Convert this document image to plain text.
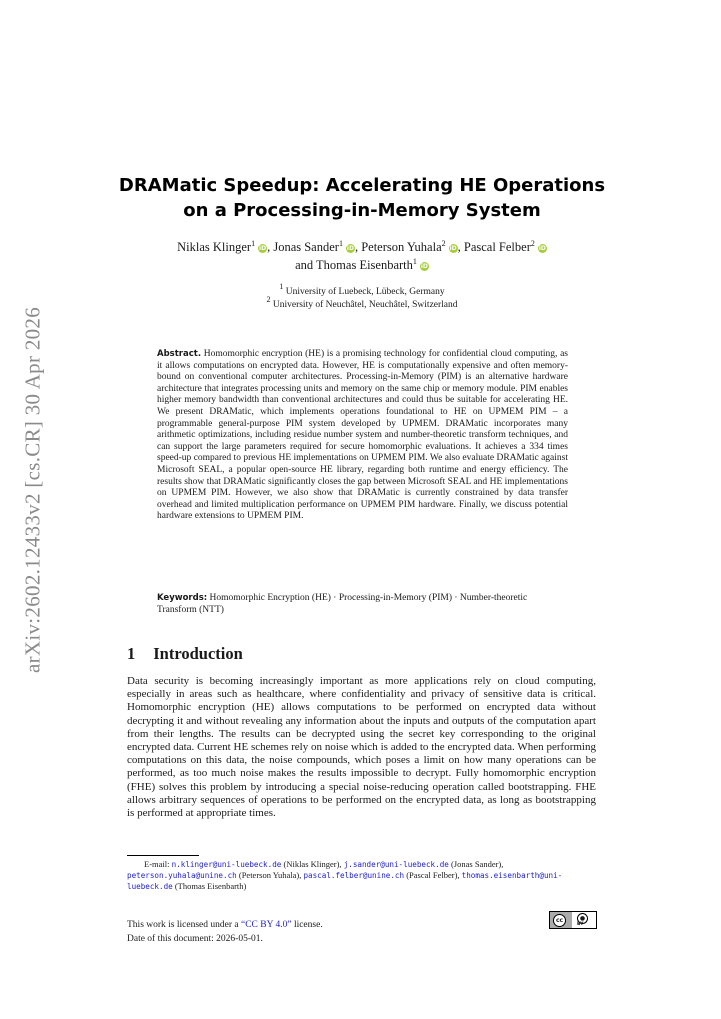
arXiv:2602.12433v2 [cs.CR] 30 Apr 2026
DRAMatic Speedup: Accelerating HE Operations
on a Processing-in-Memory System
Niklas Klinger$^1$iD, Jonas Sander$^1$iD, Peterson Yuhala$^2$iD, Pascal Felber$^2$iD
and Thomas Eisenbarth$^1$iD
$^1$ University of Luebeck, Lübeck, Germany
$^2$ University of Neuchâtel, Neuchâtel, Switzerland
Abstract. Homomorphic encryption (HE) is a promising technology for confidential cloud computing, as it allows computations on encrypted data. However, HE is computationally expensive and often memory-bound on conventional computer architectures. Processing-in-Memory (PIM) is an alternative hardware architecture that integrates processing units and memory on the same chip or memory module. PIM enables higher memory bandwidth than conventional architectures and could thus be suitable for accelerating HE. We present DRAMatic, which implements operations foundational to HE on UPMEM PIM – a programmable general-purpose PIM system developed by UPMEM. DRAMatic incorporates many arithmetic optimizations, including residue number system and number-theoretic transform techniques, and can support the large parameters required for secure homomorphic evaluations. It achieves a 334 times speed-up compared to previous HE implementations on UPMEM PIM. We also evaluate DRAMatic against Microsoft SEAL, a popular open-source HE library, regarding both runtime and energy efficiency. The results show that DRAMatic significantly closes the gap between Microsoft SEAL and HE implementations on UPMEM PIM. However, we also show that DRAMatic is currently constrained by data transfer overhead and limited multiplication performance on UPMEM PIM hardware. Finally, we discuss potential hardware extensions to UPMEM PIM.
Keywords: Homomorphic Encryption (HE) · Processing-in-Memory (PIM) · Number-theoretic Transform (NTT)
1 Introduction
Data security is becoming increasingly important as more applications rely on cloud computing, especially in areas such as healthcare, where confidentiality and privacy of sensitive data is critical. Homomorphic encryption (HE) allows computations to be performed on encrypted data without decrypting it and without revealing any information about the inputs and outputs of the computation apart from their lengths. The results can be decrypted using the secret key corresponding to the original encrypted data. Current HE schemes rely on noise which is added to the encrypted data. When performing computations on this data, the noise compounds, which poses a limit on how many operations can be performed, as too much noise makes the results impossible to decrypt. Fully homomorphic encryption (FHE) solves this problem by introducing a special noise-reducing operation called bootstrapping. FHE allows arbitrary sequences of operations to be performed on the encrypted data, as long as bootstrapping is performed at appropriate times.
E-mail: n.klinger@uni-luebeck.de (Niklas Klinger), j.sander@uni-luebeck.de (Jonas Sander), peterson.yuhala@unine.ch (Peterson Yuhala), pascal.felber@unine.ch (Pascal Felber), thomas.eisenbarth@uni-luebeck.de (Thomas Eisenbarth)
This work is licensed under a “CC BY 4.0” license.
Date of this document: 2026-05-01.
cc	●
BY
